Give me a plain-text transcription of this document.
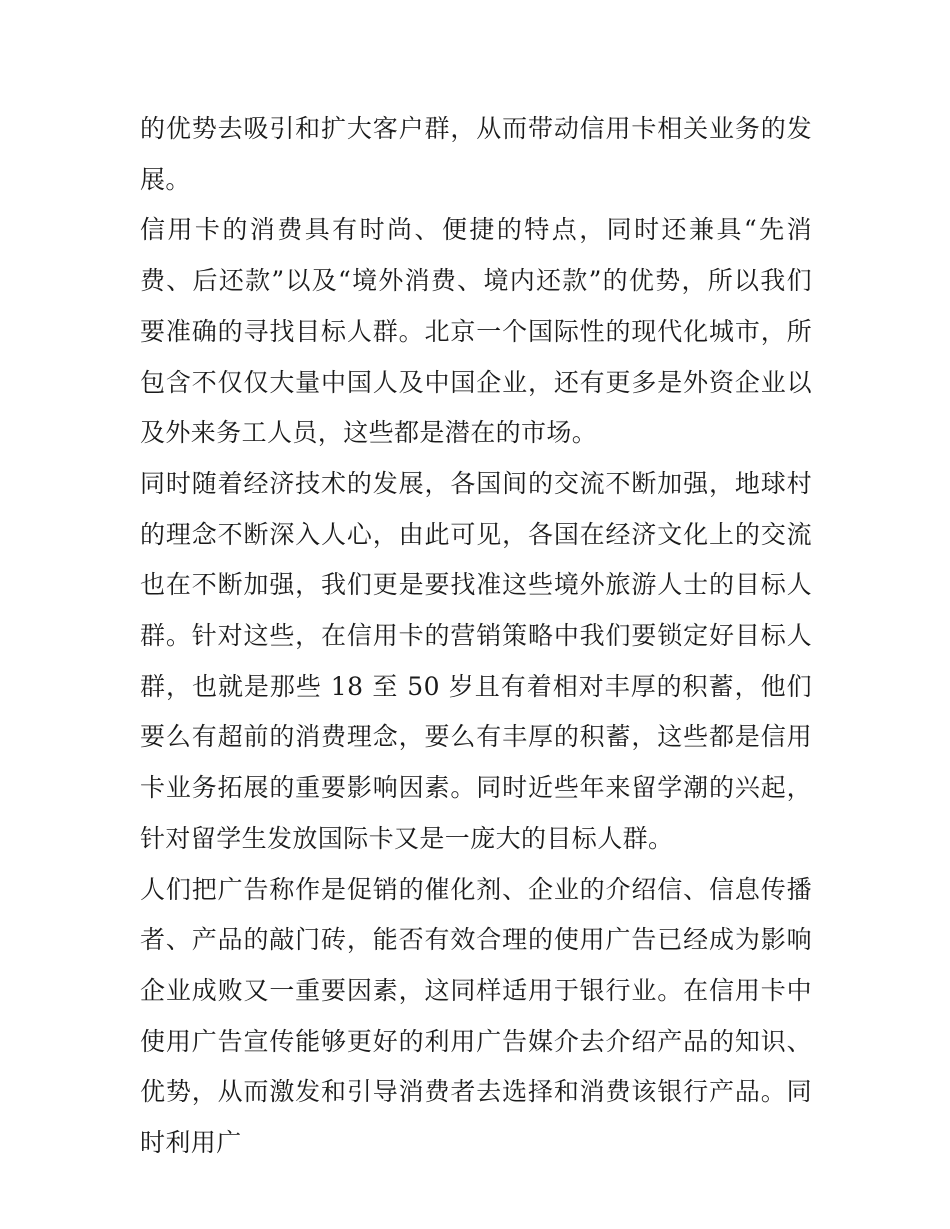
的优势去吸引和扩大客户群，从而带动信用卡相关业务的发展。

信用卡的消费具有时尚、便捷的特点，同时还兼具“先消费、后还款”以及“境外消费、境内还款”的优势，所以我们要准确的寻找目标人群。北京一个国际性的现代化城市，所包含不仅仅大量中国人及中国企业，还有更多是外资企业以及外来务工人员，这些都是潜在的市场。

同时随着经济技术的发展，各国间的交流不断加强，地球村的理念不断深入人心，由此可见，各国在经济文化上的交流也在不断加强，我们更是要找准这些境外旅游人士的目标人群。针对这些，在信用卡的营销策略中我们要锁定好目标人群，也就是那些 18 至 50 岁且有着相对丰厚的积蓄，他们要么有超前的消费理念，要么有丰厚的积蓄，这些都是信用卡业务拓展的重要影响因素。同时近些年来留学潮的兴起，针对留学生发放国际卡又是一庞大的目标人群。

人们把广告称作是促销的催化剂、企业的介绍信、信息传播者、产品的敲门砖，能否有效合理的使用广告已经成为影响企业成败又一重要因素，这同样适用于银行业。在信用卡中使用广告宣传能够更好的利用广告媒介去介绍产品的知识、优势，从而激发和引导消费者去选择和消费该银行产品。同时利用广
